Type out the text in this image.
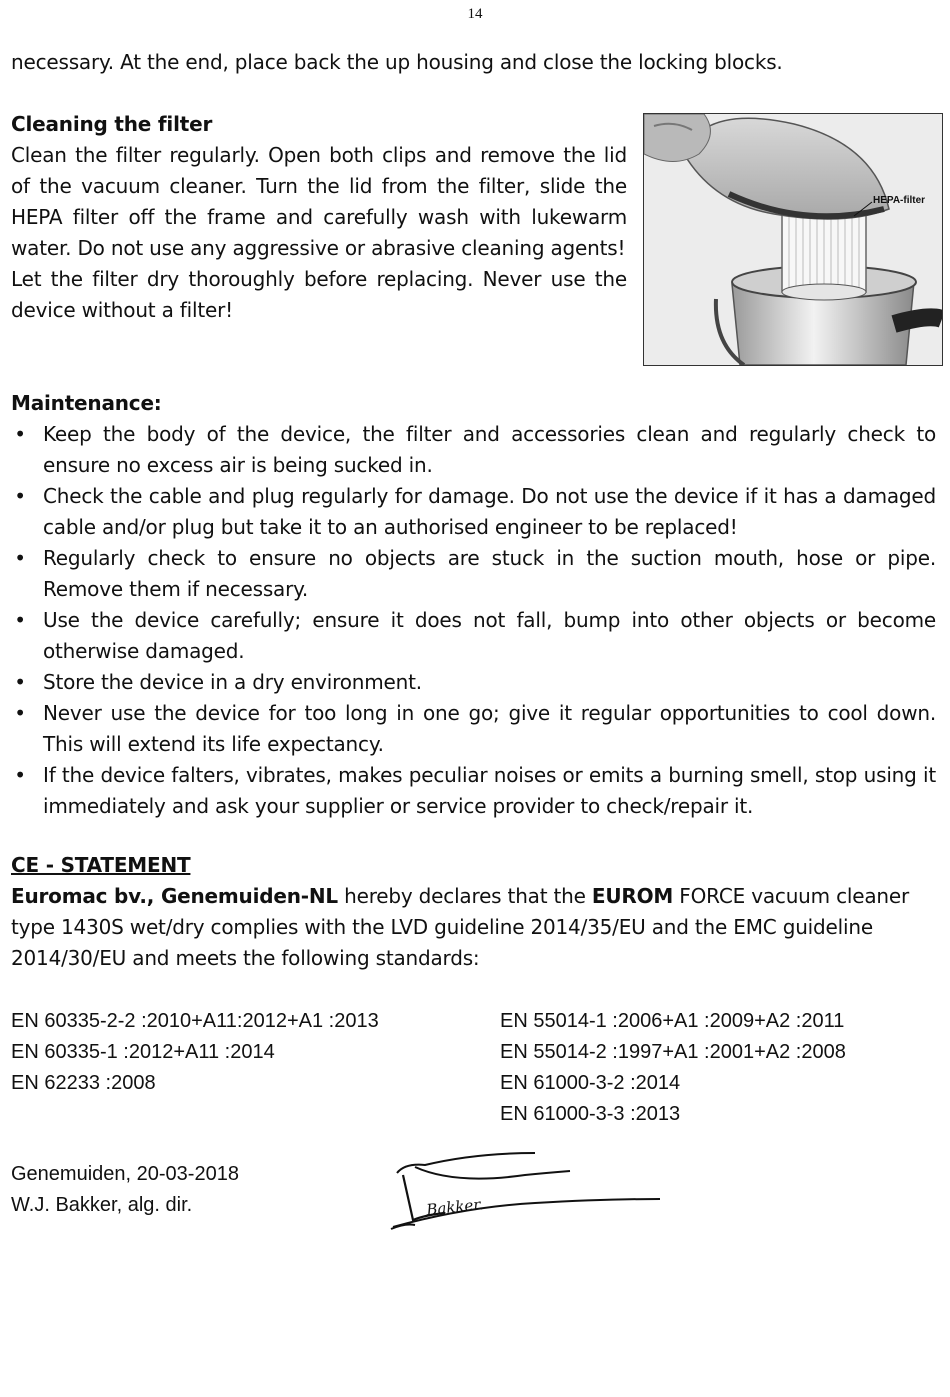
14

necessary. At the end, place back the up housing and close the locking blocks.

Cleaning the filter

Clean the filter regularly. Open both clips and remove the lid of the vacuum cleaner. Turn the lid from the filter, slide the HEPA filter off the frame and carefully wash with lukewarm water. Do not use any aggressive or abrasive cleaning agents!

Let the filter dry thoroughly before replacing. Never use the device without a filter!

HEPA-filter

Maintenance:

• Keep the body of the device, the filter and accessories clean and regularly check to ensure no excess air is being sucked in.
• Check the cable and plug regularly for damage. Do not use the device if it has a damaged cable and/or plug but take it to an authorised engineer to be replaced!
• Regularly check to ensure no objects are stuck in the suction mouth, hose or pipe. Remove them if necessary.
• Use the device carefully; ensure it does not fall, bump into other objects or become otherwise damaged.
• Store the device in a dry environment.
• Never use the device for too long in one go; give it regular opportunities to cool down. This will extend its life expectancy.
• If the device falters, vibrates, makes peculiar noises or emits a burning smell, stop using it immediately and ask your supplier or service provider to check/repair it.

CE - STATEMENT

Euromac bv., Genemuiden-NL hereby declares that the EUROM FORCE vacuum cleaner type 1430S wet/dry complies with the LVD guideline 2014/35/EU and the EMC guideline 2014/30/EU and meets the following standards:

EN 60335-2-2 :2010+A11:2012+A1 :2013
EN 60335-1 :2012+A11 :2014
EN 62233 :2008
EN 55014-1 :2006+A1 :2009+A2 :2011
EN 55014-2 :1997+A1 :2001+A2 :2008
EN 61000-3-2 :2014
EN 61000-3-3 :2013
Genemuiden, 20-03-2018
W.J. Bakker, alg. dir.	Bakker.
